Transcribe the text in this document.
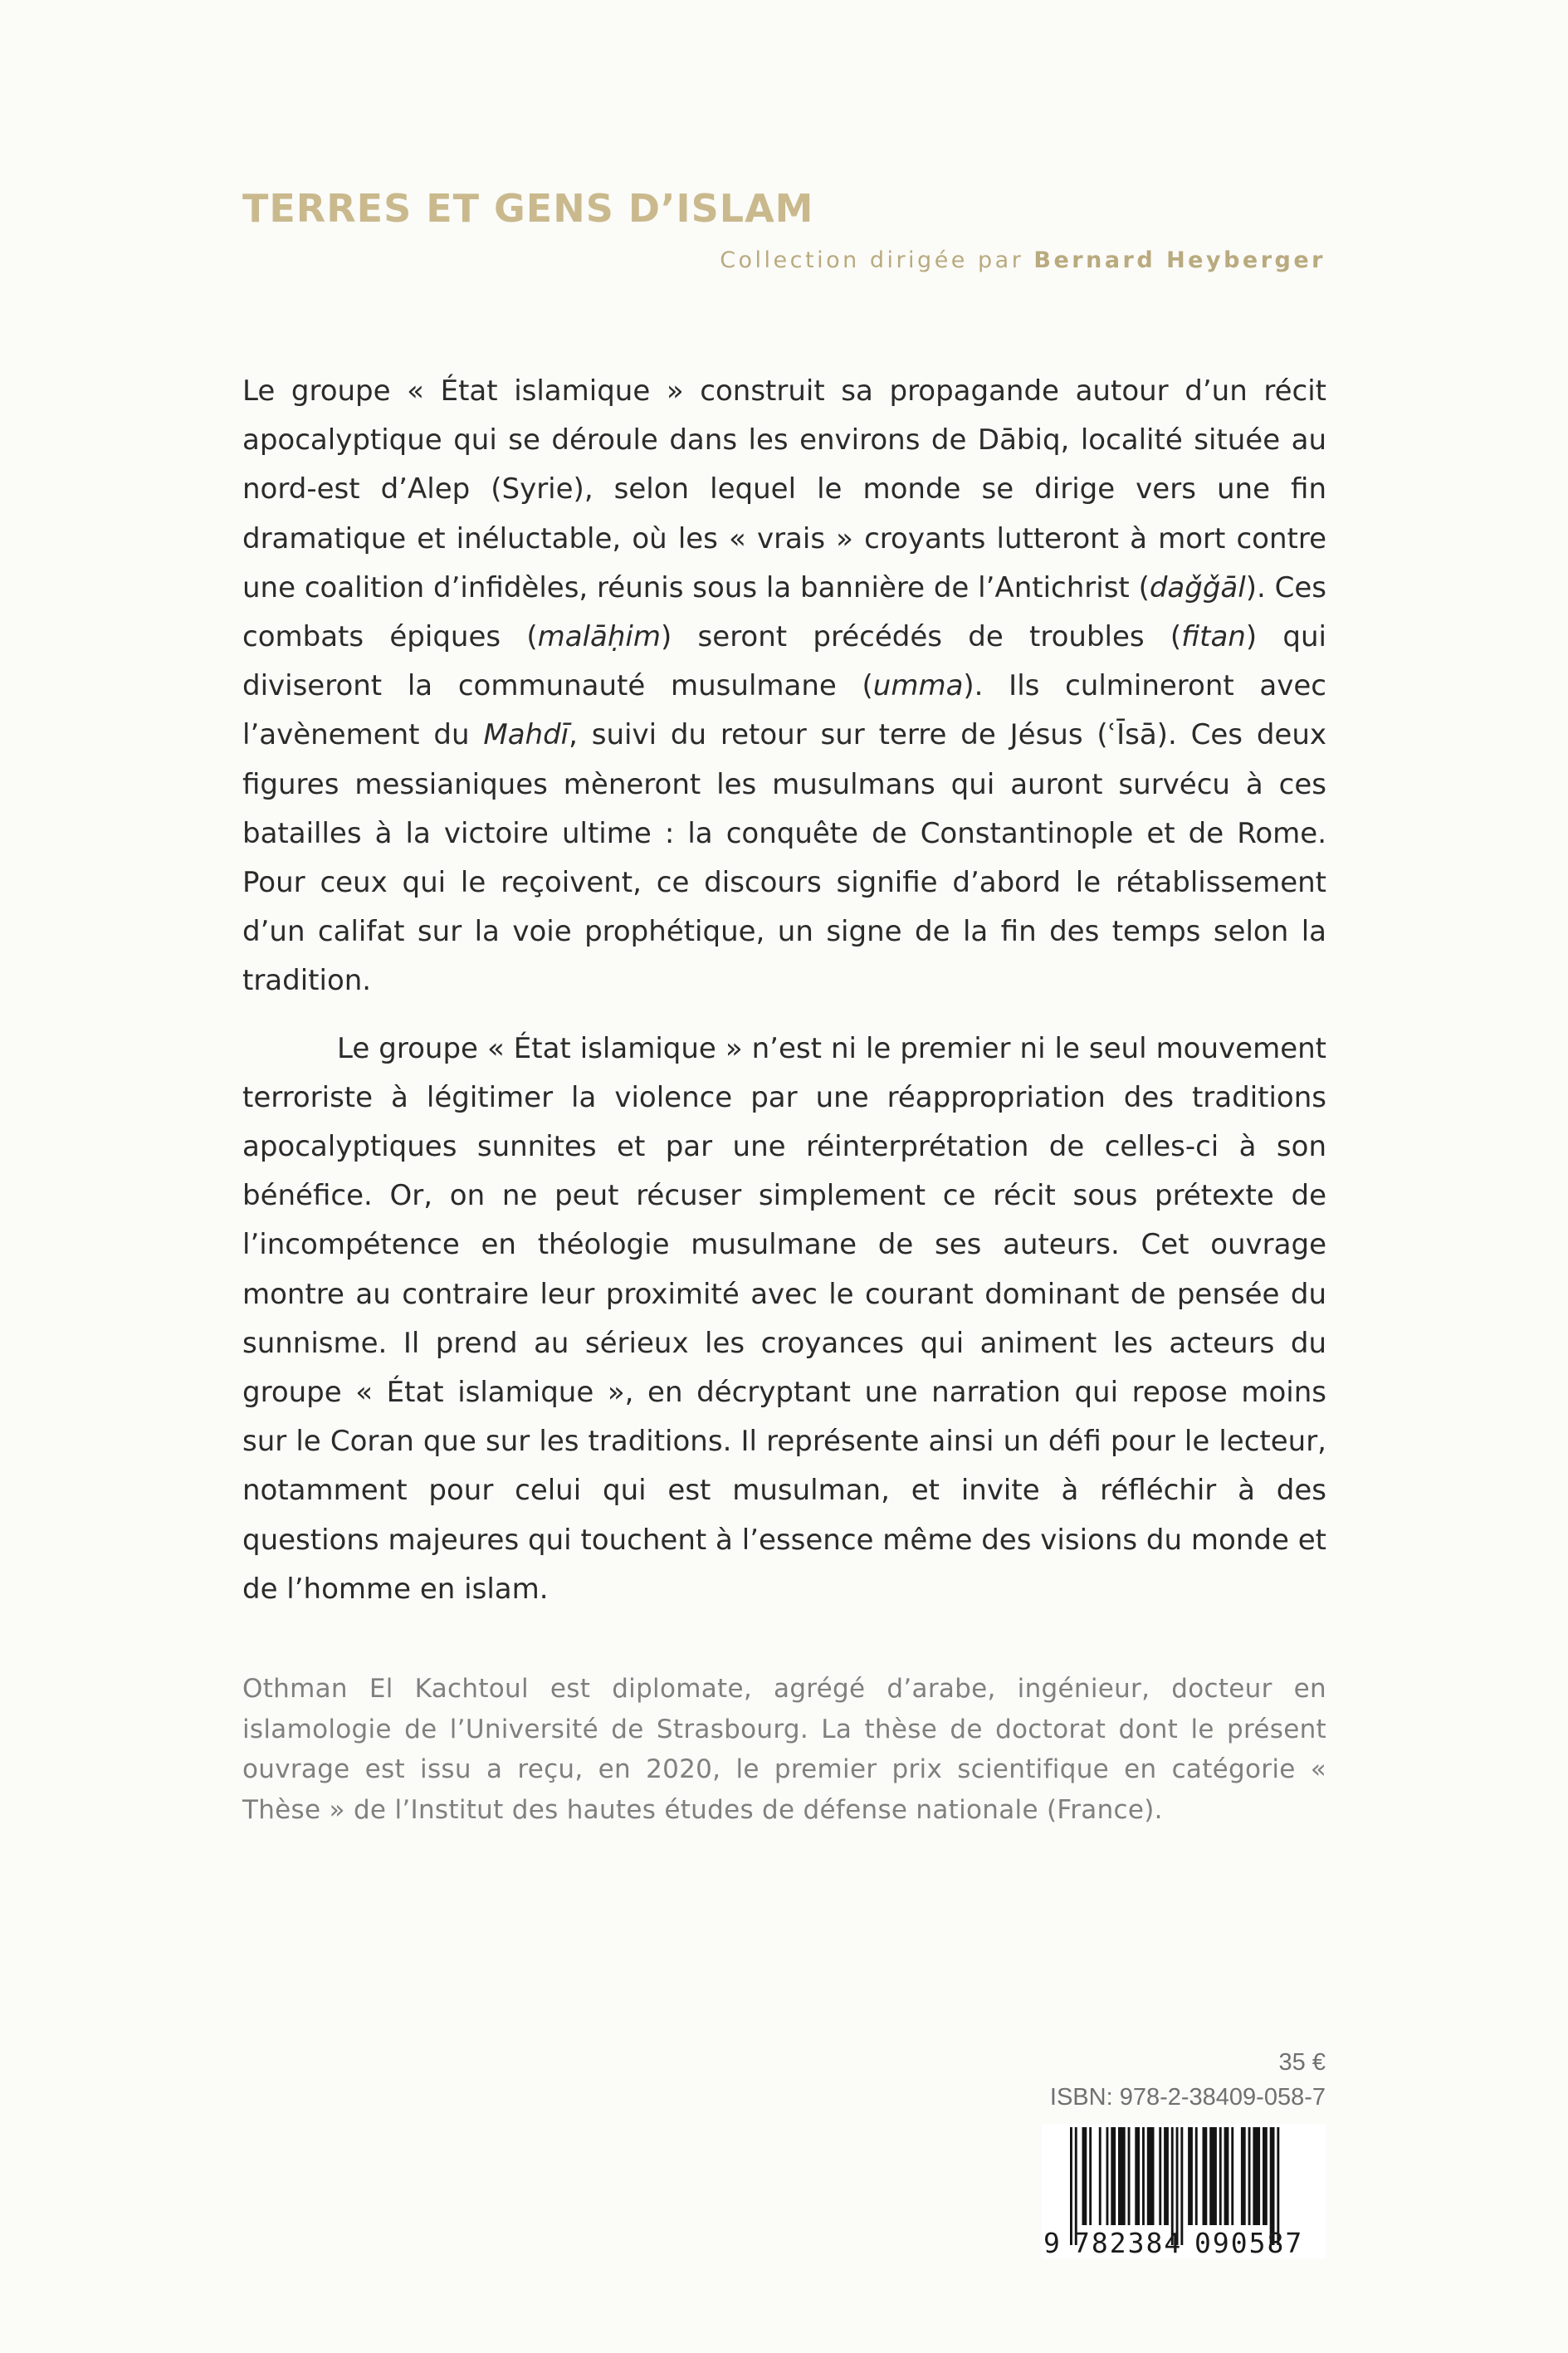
TERRES ET GENS D’ISLAM
Collection dirigée par Bernard Heyberger

Le groupe « État islamique » construit sa propagande autour d’un récit apocalyptique qui se déroule dans les environs de Dābiq, localité située au nord-est d’Alep (Syrie), selon lequel le monde se dirige vers une fin dramatique et inéluctable, où les « vrais » croyants lutteront à mort contre une coalition d’infidèles, réunis sous la bannière de l’Antichrist (daǧǧāl). Ces combats épiques (malāḥim) seront précédés de troubles (fitan) qui diviseront la communauté musulmane (umma). Ils culmineront avec l’avènement du Mahdī, suivi du retour sur terre de Jésus (ʿĪsā). Ces deux figures messianiques mèneront les musulmans qui auront survécu à ces batailles à la victoire ultime : la conquête de Constantinople et de Rome. Pour ceux qui le reçoivent, ce discours signifie d’abord le rétablissement d’un califat sur la voie prophétique, un signe de la fin des temps selon la tradition.

Le groupe « État islamique » n’est ni le premier ni le seul mouvement terroriste à légitimer la violence par une réappropriation des traditions apocalyptiques sunnites et par une réinterprétation de celles-ci à son bénéfice. Or, on ne peut récuser simplement ce récit sous prétexte de l’incompétence en théologie musulmane de ses auteurs. Cet ouvrage montre au contraire leur proximité avec le courant dominant de pensée du sunnisme. Il prend au sérieux les croyances qui animent les acteurs du groupe « État islamique », en décryptant une narration qui repose moins sur le Coran que sur les traditions. Il représente ainsi un défi pour le lecteur, notamment pour celui qui est musulman, et invite à réfléchir à des questions majeures qui touchent à l’essence même des visions du monde et de l’homme en islam.

Othman El Kachtoul est diplomate, agrégé d’arabe, ingénieur, docteur en islamologie de l’Université de Strasbourg. La thèse de doctorat dont le présent ouvrage est issu a reçu, en 2020, le premier prix scientifique en catégorie « Thèse » de l’Institut des hautes études de défense nationale (France).

35 €
ISBN: 978-2-38409-058-7
9 782384 090587
